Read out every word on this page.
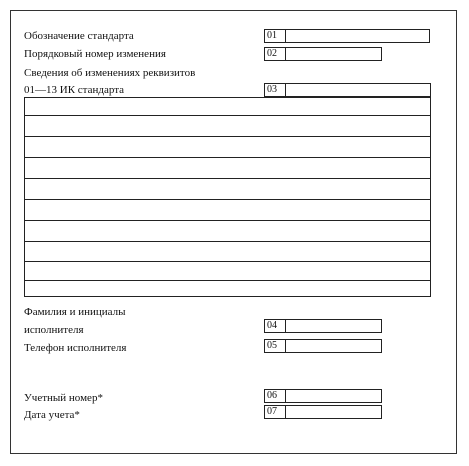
Обозначение стандарта	01
Порядковый номер изменения	02
Сведения об изменениях реквизитов
01—13 ИК стандарта	03
Фамилия и инициалы
исполнителя	04
Телефон исполнителя	05
Учетный номер*	06
Дата учета*	07
